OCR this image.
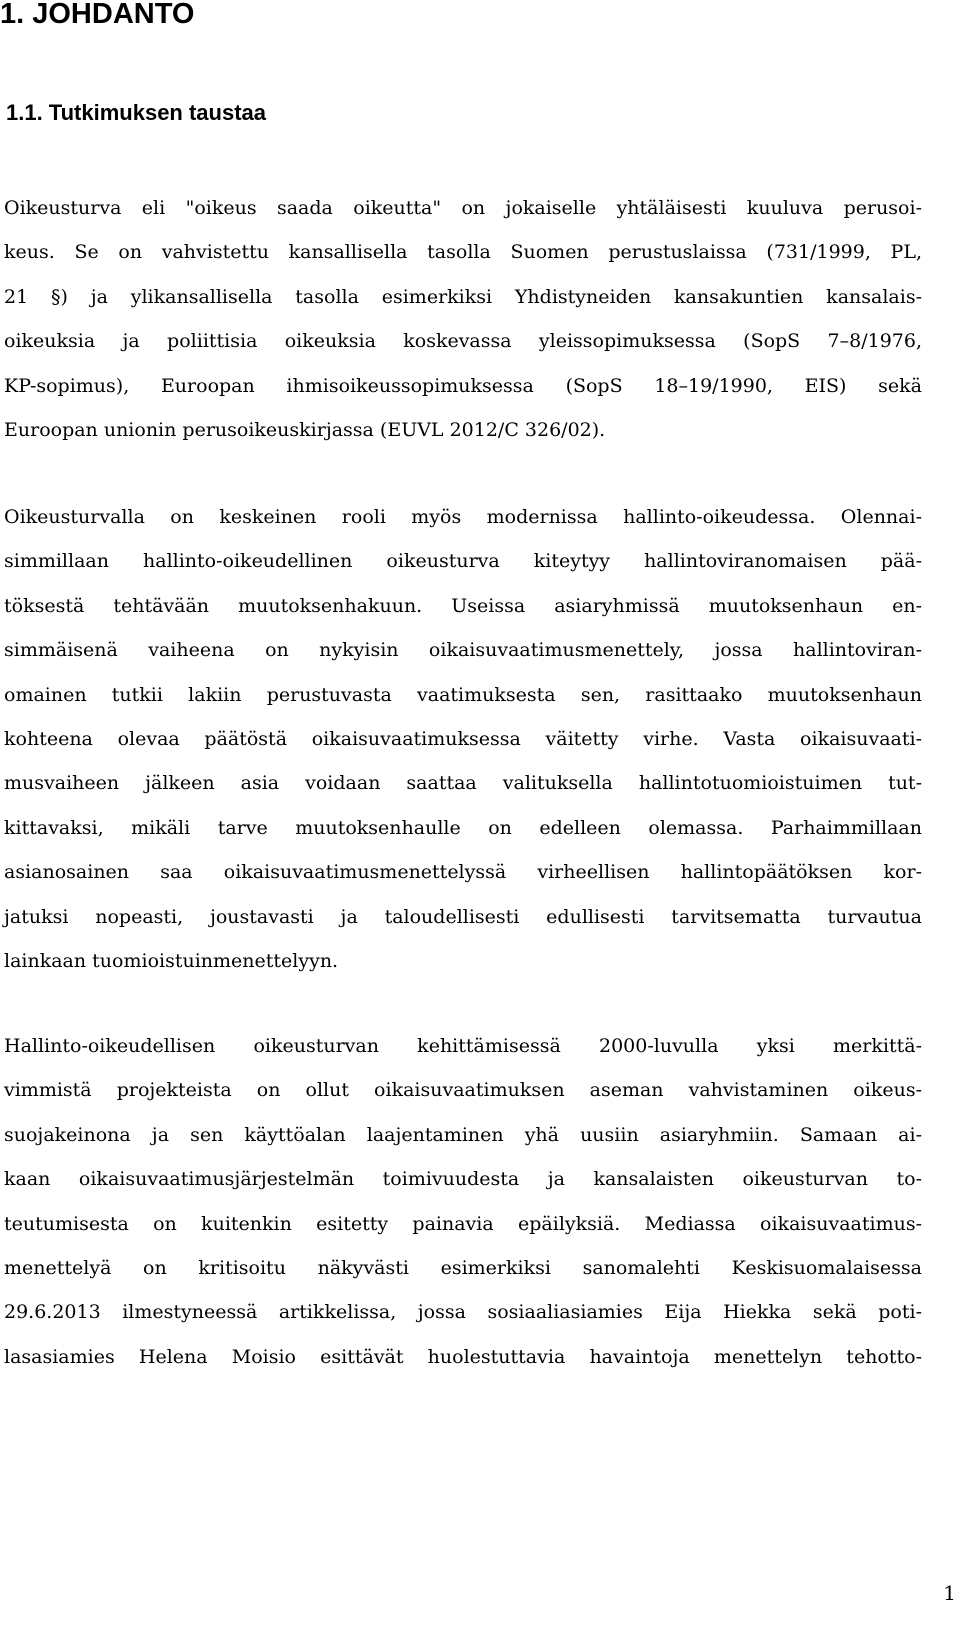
1. JOHDANTO
1.1. Tutkimuksen taustaa
Oikeusturva eli "oikeus saada oikeutta" on jokaiselle yhtäläisesti kuuluva perusoi-
keus. Se on vahvistettu kansallisella tasolla Suomen perustuslaissa (731/1999, PL,
21 §) ja ylikansallisella tasolla esimerkiksi Yhdistyneiden kansakuntien kansalais-
oikeuksia ja poliittisia oikeuksia koskevassa yleissopimuksessa (SopS 7–8/1976,
KP-sopimus), Euroopan ihmisoikeussopimuksessa (SopS 18–19/1990, EIS) sekä
Euroopan unionin perusoikeuskirjassa (EUVL 2012/C 326/02).
Oikeusturvalla on keskeinen rooli myös modernissa hallinto-oikeudessa. Olennai-
simmillaan hallinto-oikeudellinen oikeusturva kiteytyy hallintoviranomaisen pää-
töksestä tehtävään muutoksenhakuun. Useissa asiaryhmissä muutoksenhaun en-
simmäisenä vaiheena on nykyisin oikaisuvaatimusmenettely, jossa hallintoviran-
omainen tutkii lakiin perustuvasta vaatimuksesta sen, rasittaako muutoksenhaun
kohteena olevaa päätöstä oikaisuvaatimuksessa väitetty virhe. Vasta oikaisuvaati-
musvaiheen jälkeen asia voidaan saattaa valituksella hallintotuomioistuimen tut-
kittavaksi, mikäli tarve muutoksenhaulle on edelleen olemassa. Parhaimmillaan
asianosainen saa oikaisuvaatimusmenettelyssä virheellisen hallintopäätöksen kor-
jatuksi nopeasti, joustavasti ja taloudellisesti edullisesti tarvitsematta turvautua
lainkaan tuomioistuinmenettelyyn.
Hallinto-oikeudellisen oikeusturvan kehittämisessä 2000-luvulla yksi merkittä-
vimmistä projekteista on ollut oikaisuvaatimuksen aseman vahvistaminen oikeus-
suojakeinona ja sen käyttöalan laajentaminen yhä uusiin asiaryhmiin. Samaan ai-
kaan oikaisuvaatimusjärjestelmän toimivuudesta ja kansalaisten oikeusturvan to-
teutumisesta on kuitenkin esitetty painavia epäilyksiä. Mediassa oikaisuvaatimus-
menettelyä on kritisoitu näkyvästi esimerkiksi sanomalehti Keskisuomalaisessa
29.6.2013 ilmestyneessä artikkelissa, jossa sosiaaliasiamies Eija Hiekka sekä poti-
lasasiamies Helena Moisio esittävät huolestuttavia havaintoja menettelyn tehotto-
1
